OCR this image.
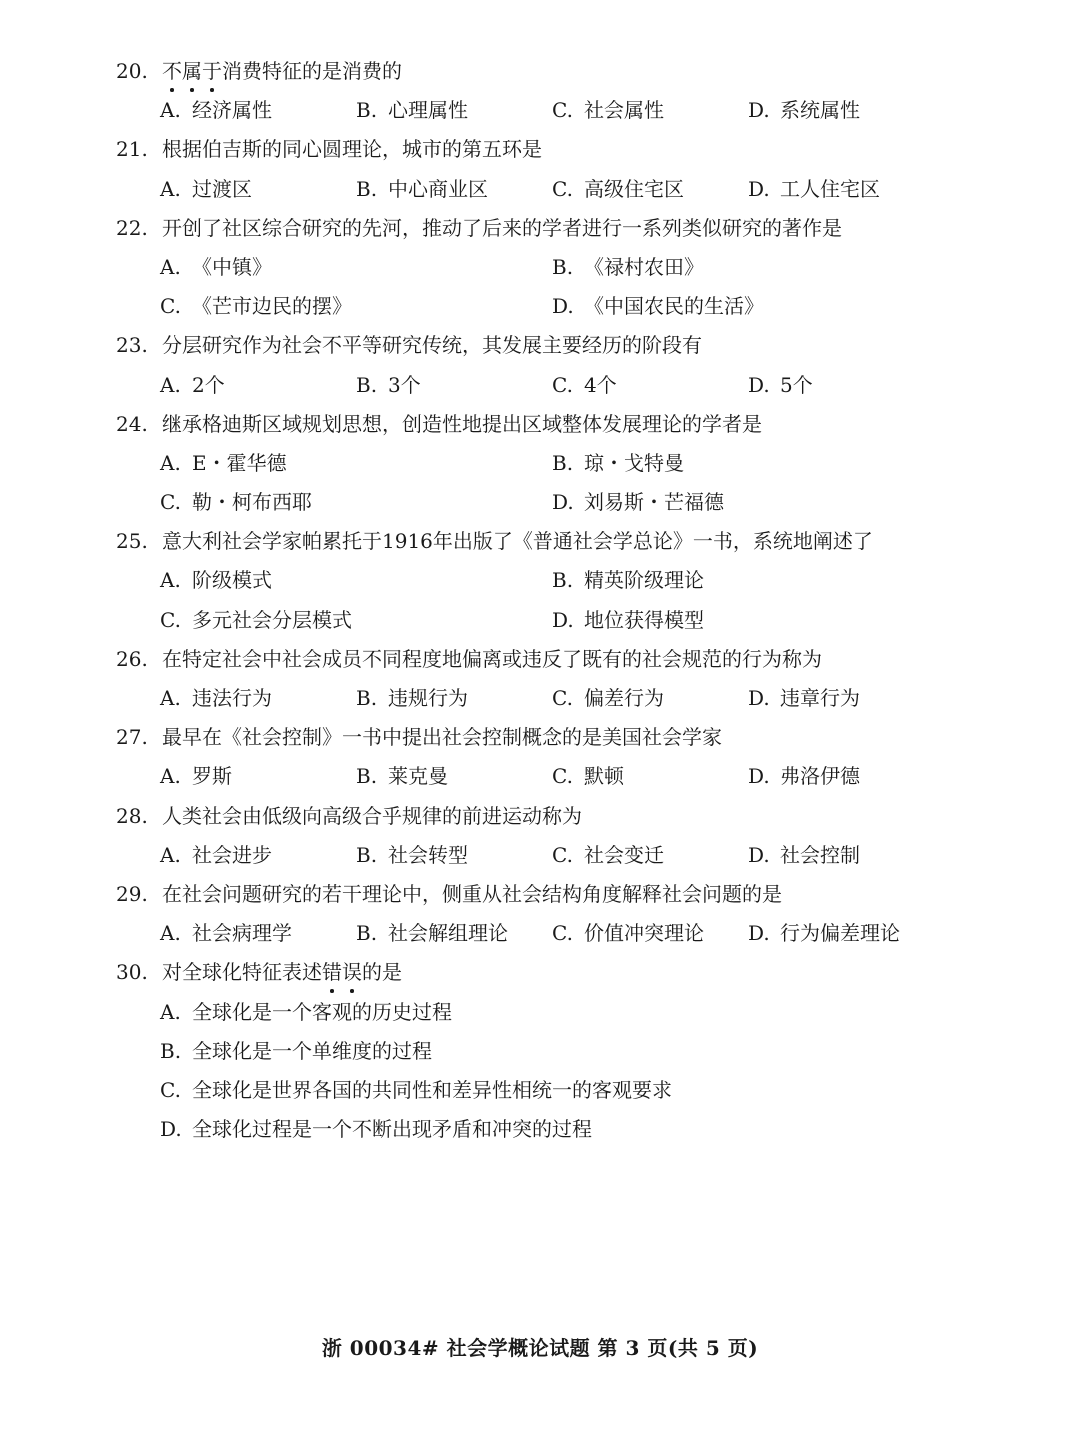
20. 不属于消费特征的是消费的
A. 经济属性	B. 心理属性	C. 社会属性	D. 系统属性
21. 根据伯吉斯的同心圆理论，城市的第五环是
A. 过渡区	B. 中心商业区	C. 高级住宅区	D. 工人住宅区
22. 开创了社区综合研究的先河，推动了后来的学者进行一系列类似研究的著作是
A. 《中镇》	B. 《禄村农田》
C. 《芒市边民的摆》	D. 《中国农民的生活》
23. 分层研究作为社会不平等研究传统，其发展主要经历的阶段有
A. 2个	B. 3个	C. 4个	D. 5个
24. 继承格迪斯区域规划思想，创造性地提出区域整体发展理论的学者是
A. E・霍华德	B. 琼・戈特曼
C. 勒・柯布西耶	D. 刘易斯・芒福德
25. 意大利社会学家帕累托于1916年出版了《普通社会学总论》一书，系统地阐述了
A. 阶级模式	B. 精英阶级理论
C. 多元社会分层模式	D. 地位获得模型
26. 在特定社会中社会成员不同程度地偏离或违反了既有的社会规范的行为称为
A. 违法行为	B. 违规行为	C. 偏差行为	D. 违章行为
27. 最早在《社会控制》一书中提出社会控制概念的是美国社会学家
A. 罗斯	B. 莱克曼	C. 默顿	D. 弗洛伊德
28. 人类社会由低级向高级合乎规律的前进运动称为
A. 社会进步	B. 社会转型	C. 社会变迁	D. 社会控制
29. 在社会问题研究的若干理论中，侧重从社会结构角度解释社会问题的是
A. 社会病理学	B. 社会解组理论	C. 价值冲突理论	D. 行为偏差理论
30. 对全球化特征表述错误的是
A. 全球化是一个客观的历史过程
B. 全球化是一个单维度的过程
C. 全球化是世界各国的共同性和差异性相统一的客观要求
D. 全球化过程是一个不断出现矛盾和冲突的过程
浙 00034# 社会学概论试题 第 3 页(共 5 页)
